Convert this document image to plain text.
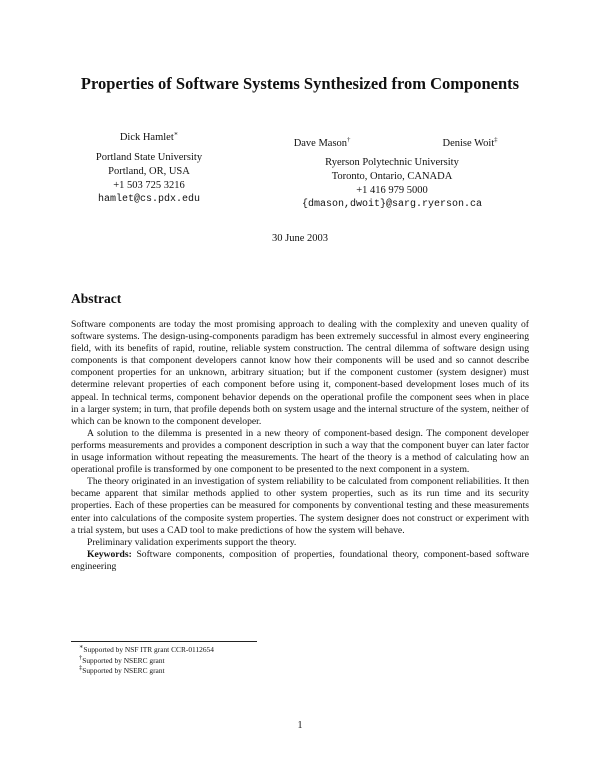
Properties of Software Systems Synthesized from Components
Dick Hamlet∗
Portland State University
Portland, OR, USA
+1 503 725 3216
hamlet@cs.pdx.edu
Dave Mason†	Denise Woit‡
Ryerson Polytechnic University
Toronto, Ontario, CANADA
+1 416 979 5000
{dmason,dwoit}@sarg.ryerson.ca
30 June 2003
Abstract

Software components are today the most promising approach to dealing with the complexity and uneven quality of software systems. The design-using-components paradigm has been extremely successful in almost every engineering field, with its benefits of rapid, routine, reliable system construction. The central dilemma of software design using components is that component developers cannot know how their components will be used and so cannot describe component properties for an unknown, arbitrary situation; but if the component customer (system designer) must determine relevant properties of each component before using it, component-based development loses much of its appeal. In technical terms, component behavior depends on the operational profile the component sees when in place in a larger system; in turn, that profile depends both on system usage and the internal structure of the system, neither of which can be known to the component developer.

A solution to the dilemma is presented in a new theory of component-based design. The component developer performs measurements and provides a component description in such a way that the component buyer can later factor in usage information without repeating the measurements. The heart of the theory is a method of calculating how an operational profile is transformed by one component to be presented to the next component in a system.

The theory originated in an investigation of system reliability to be calculated from component reliabilities. It then became apparent that similar methods applied to other system properties, such as its run time and its security properties. Each of these properties can be measured for components by conventional testing and these measurements enter into calculations of the composite system properties. The system designer does not construct or experiment with a trial system, but uses a CAD tool to make predictions of how the system will behave.

Preliminary validation experiments support the theory.

Keywords: Software components, composition of properties, foundational theory, component-based software engineering

∗Supported by NSF ITR grant CCR-0112654
†Supported by NSERC grant
‡Supported by NSERC grant
1
